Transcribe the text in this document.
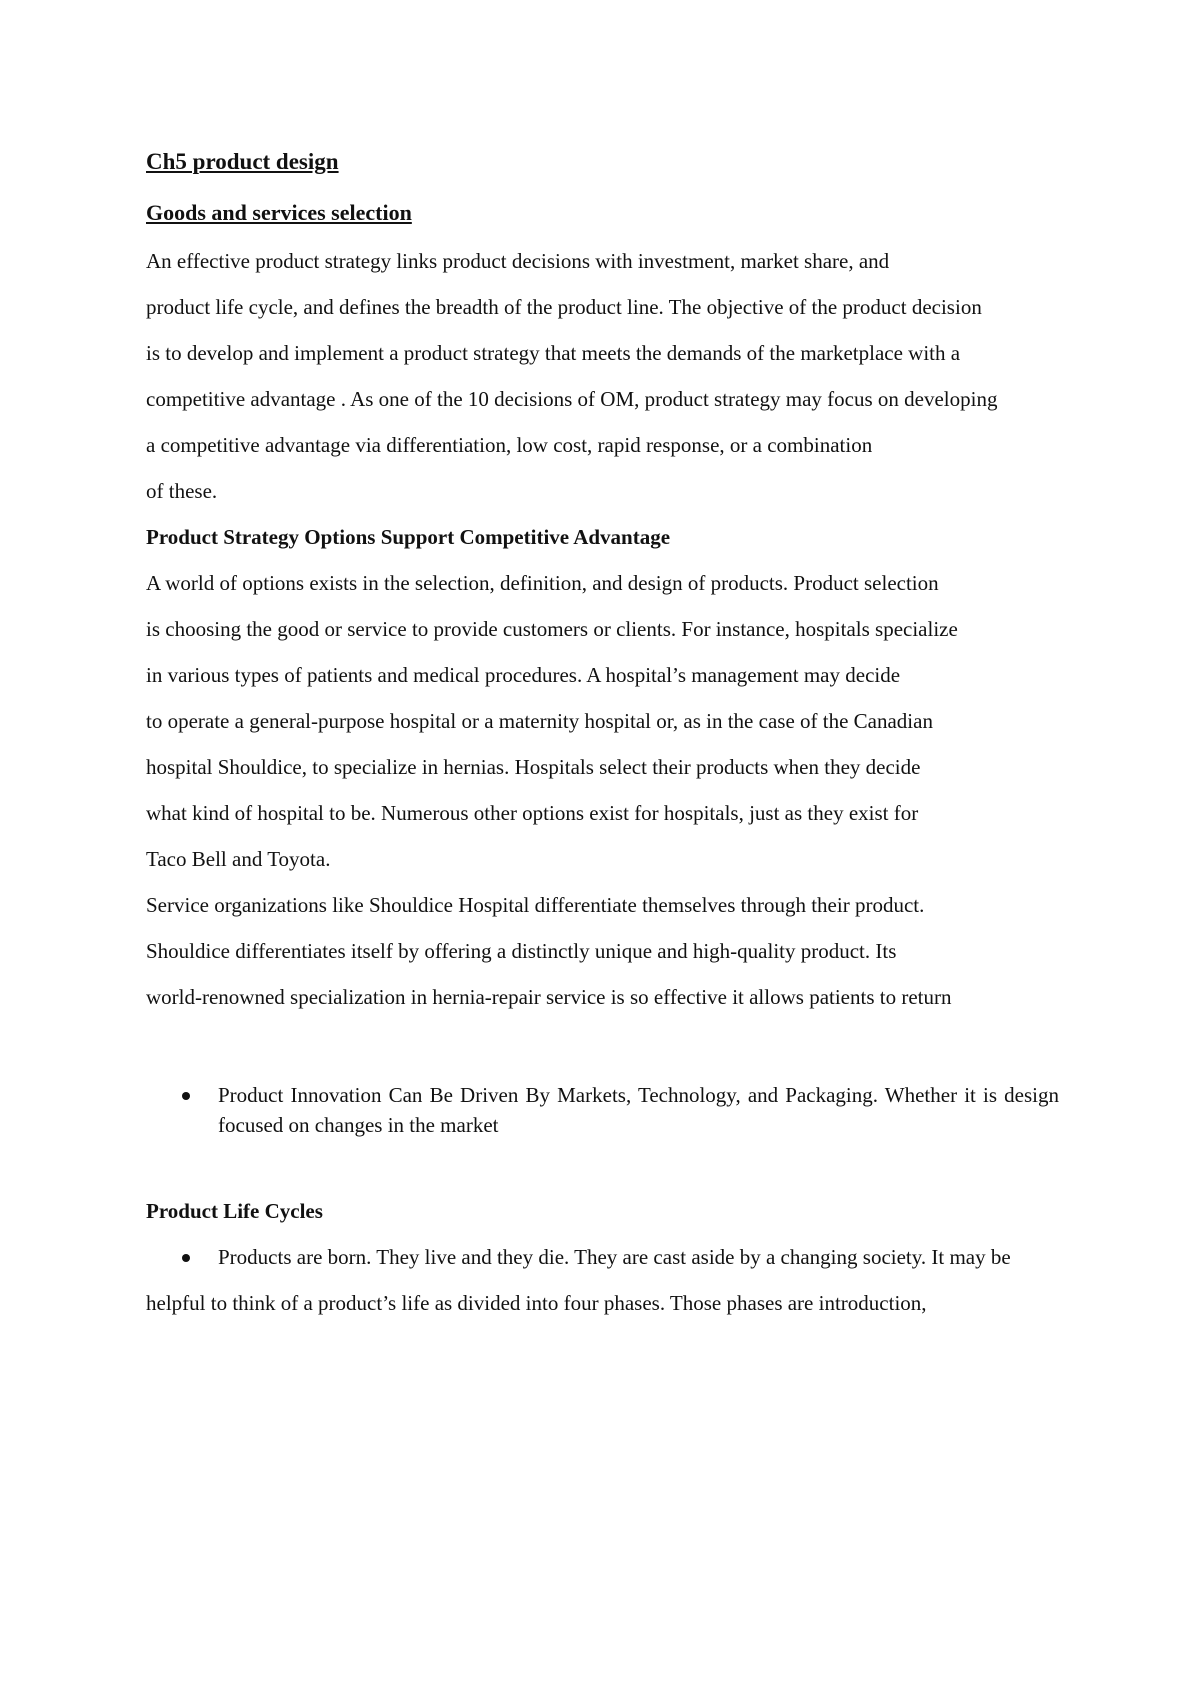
Ch5 product design
Goods and services selection

An effective product strategy links product decisions with investment, market share, and

product life cycle, and defines the breadth of the product line. The objective of the product decision

is to develop and implement a product strategy that meets the demands of the marketplace with a

competitive advantage . As one of the 10 decisions of OM, product strategy may focus on developing

a competitive advantage via differentiation, low cost, rapid response, or a combination

of these.

Product Strategy Options Support Competitive Advantage

A world of options exists in the selection, definition, and design of products. Product selection

is choosing the good or service to provide customers or clients. For instance, hospitals specialize

in various types of patients and medical procedures. A hospital’s management may decide

to operate a general-purpose hospital or a maternity hospital or, as in the case of the Canadian

hospital Shouldice, to specialize in hernias. Hospitals select their products when they decide

what kind of hospital to be. Numerous other options exist for hospitals, just as they exist for

Taco Bell and Toyota.

Service organizations like Shouldice Hospital differentiate themselves through their product.

Shouldice differentiates itself by offering a distinctly unique and high-quality product. Its

world-renowned specialization in hernia-repair service is so effective it allows patients to return

Product Innovation Can Be Driven By Markets, Technology, and Packaging. Whether it is design focused on changes in the market
Product Life Cycles
Products are born. They live and they die. They are cast aside by a changing society. It may be

helpful to think of a product’s life as divided into four phases. Those phases are introduction,
